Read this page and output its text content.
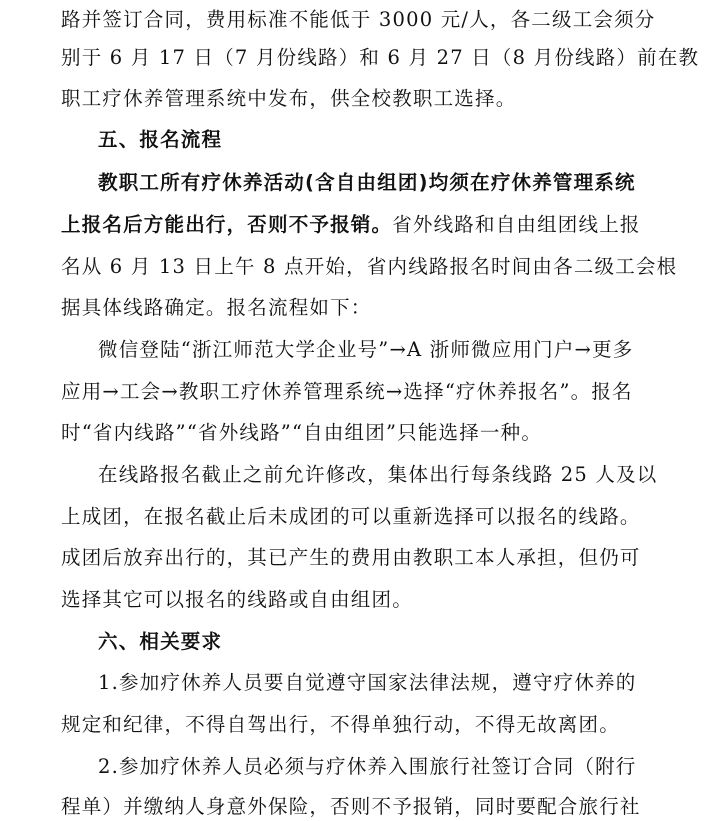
路并签订合同，费用标准不能低于 3000 元/人，各二级工会须分
别于 6 月 17 日（7 月份线路）和 6 月 27 日（8 月份线路）前在教
职工疗休养管理系统中发布，供全校教职工选择。
五、报名流程
教职工所有疗休养活动(含自由组团)均须在疗休养管理系统
上报名后方能出行，否则不予报销。省外线路和自由组团线上报
名从 6 月 13 日上午 8 点开始，省内线路报名时间由各二级工会根
据具体线路确定。报名流程如下：
微信登陆“浙江师范大学企业号”→A 浙师微应用门户→更多
应用→工会→教职工疗休养管理系统→选择“疗休养报名”。报名
时“省内线路”“省外线路”“自由组团”只能选择一种。
在线路报名截止之前允许修改，集体出行每条线路 25 人及以
上成团，在报名截止后未成团的可以重新选择可以报名的线路。
成团后放弃出行的，其已产生的费用由教职工本人承担，但仍可
选择其它可以报名的线路或自由组团。
六、相关要求
1.参加疗休养人员要自觉遵守国家法律法规，遵守疗休养的
规定和纪律，不得自驾出行，不得单独行动，不得无故离团。
2.参加疗休养人员必须与疗休养入围旅行社签订合同（附行
程单）并缴纳人身意外保险，否则不予报销，同时要配合旅行社
